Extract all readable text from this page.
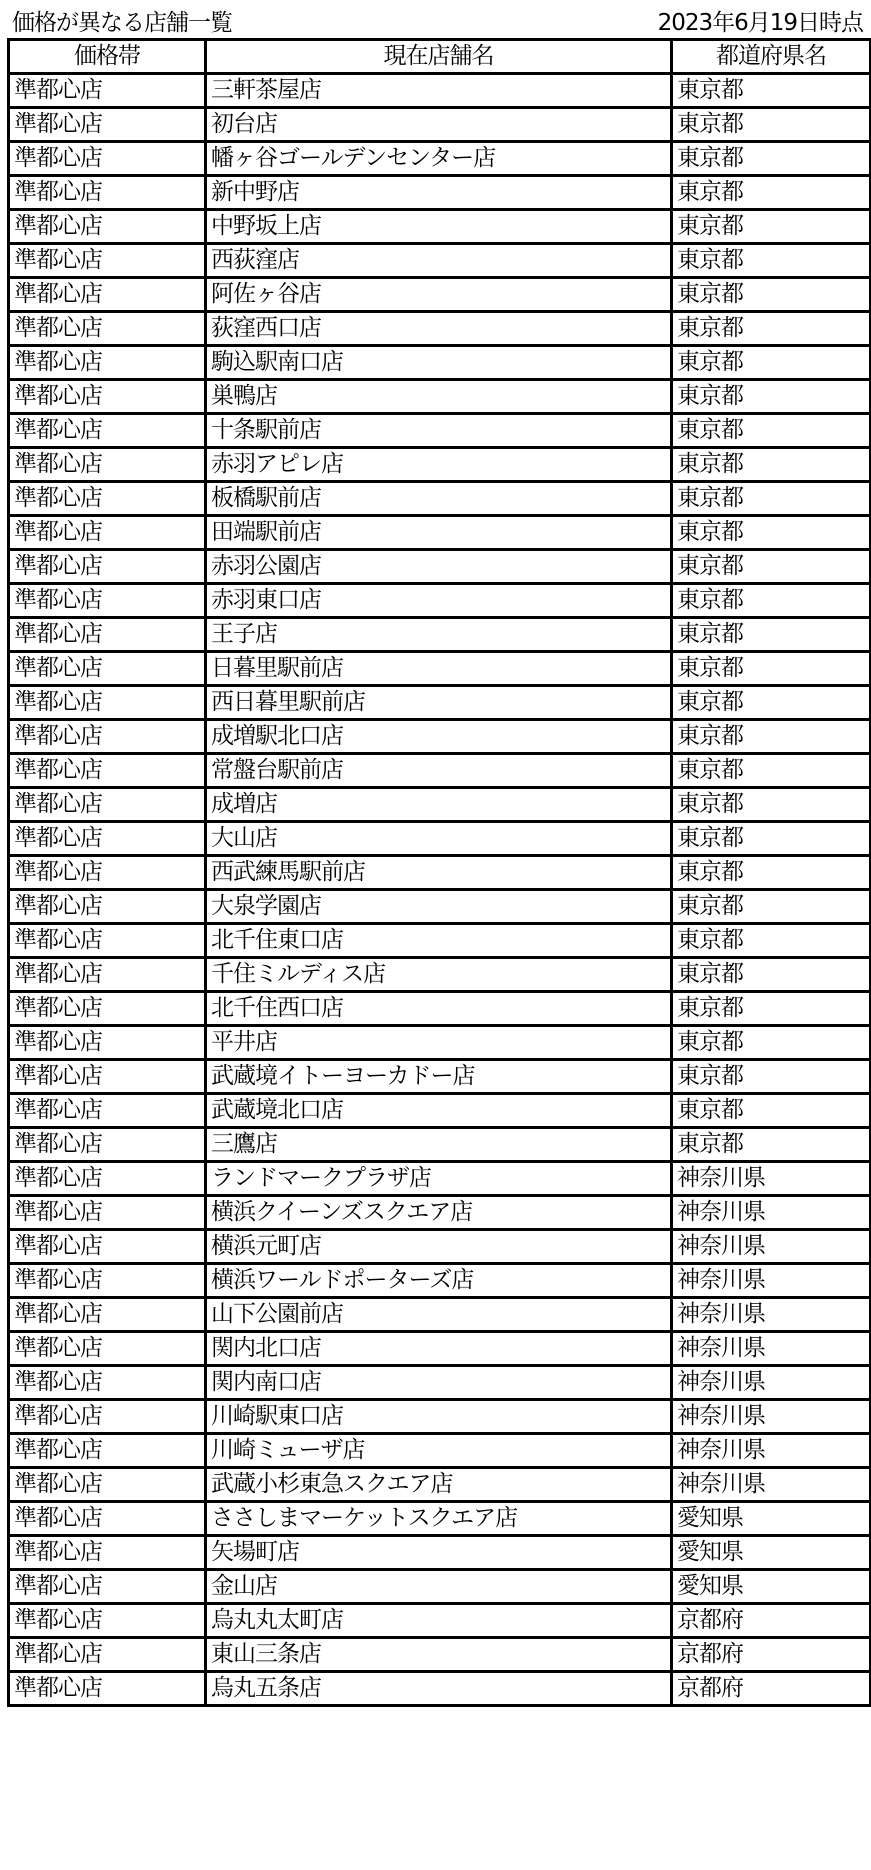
価格が異なる店舗一覧	2023年6月19日時点
価格帯	現在店舗名	都道府県名
準都心店	三軒茶屋店	東京都
準都心店	初台店	東京都
準都心店	幡ヶ谷ゴールデンセンター店	東京都
準都心店	新中野店	東京都
準都心店	中野坂上店	東京都
準都心店	西荻窪店	東京都
準都心店	阿佐ヶ谷店	東京都
準都心店	荻窪西口店	東京都
準都心店	駒込駅南口店	東京都
準都心店	巣鴨店	東京都
準都心店	十条駅前店	東京都
準都心店	赤羽アピレ店	東京都
準都心店	板橋駅前店	東京都
準都心店	田端駅前店	東京都
準都心店	赤羽公園店	東京都
準都心店	赤羽東口店	東京都
準都心店	王子店	東京都
準都心店	日暮里駅前店	東京都
準都心店	西日暮里駅前店	東京都
準都心店	成増駅北口店	東京都
準都心店	常盤台駅前店	東京都
準都心店	成増店	東京都
準都心店	大山店	東京都
準都心店	西武練馬駅前店	東京都
準都心店	大泉学園店	東京都
準都心店	北千住東口店	東京都
準都心店	千住ミルディス店	東京都
準都心店	北千住西口店	東京都
準都心店	平井店	東京都
準都心店	武蔵境イトーヨーカドー店	東京都
準都心店	武蔵境北口店	東京都
準都心店	三鷹店	東京都
準都心店	ランドマークプラザ店	神奈川県
準都心店	横浜クイーンズスクエア店	神奈川県
準都心店	横浜元町店	神奈川県
準都心店	横浜ワールドポーターズ店	神奈川県
準都心店	山下公園前店	神奈川県
準都心店	関内北口店	神奈川県
準都心店	関内南口店	神奈川県
準都心店	川崎駅東口店	神奈川県
準都心店	川崎ミューザ店	神奈川県
準都心店	武蔵小杉東急スクエア店	神奈川県
準都心店	ささしまマーケットスクエア店	愛知県
準都心店	矢場町店	愛知県
準都心店	金山店	愛知県
準都心店	烏丸丸太町店	京都府
準都心店	東山三条店	京都府
準都心店	烏丸五条店	京都府
